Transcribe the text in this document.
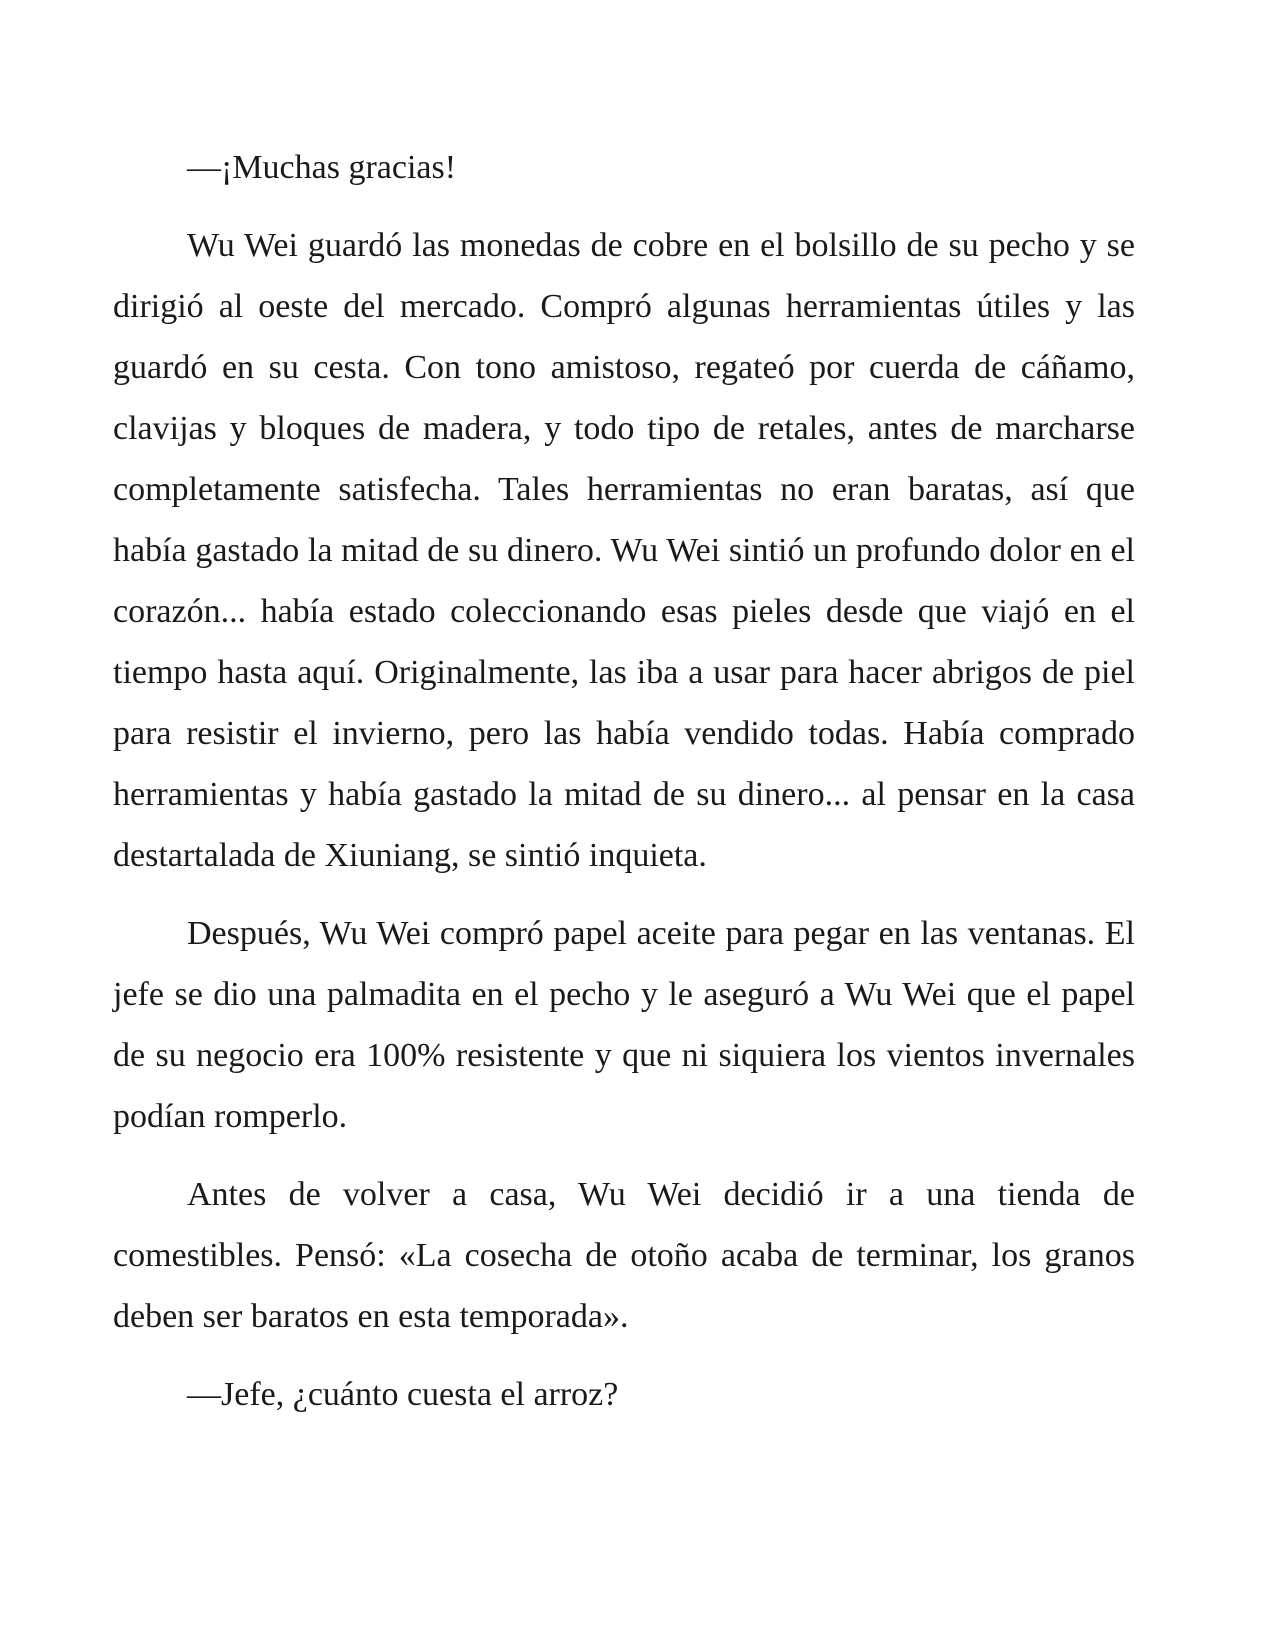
—¡Muchas gracias!

Wu Wei guardó las monedas de cobre en el bolsillo de su pecho y se dirigió al oeste del mercado. Compró algunas herramientas útiles y las guardó en su cesta. Con tono amistoso, regateó por cuerda de cáñamo, clavijas y bloques de madera, y todo tipo de retales, antes de marcharse completamente satisfecha. Tales herramientas no eran baratas, así que había gastado la mitad de su dinero. Wu Wei sintió un profundo dolor en el corazón... había estado coleccionando esas pieles desde que viajó en el tiempo hasta aquí. Originalmente, las iba a usar para hacer abrigos de piel para resistir el invierno, pero las había vendido todas. Había comprado herramientas y había gastado la mitad de su dinero... al pensar en la casa destartalada de Xiuniang, se sintió inquieta.

Después, Wu Wei compró papel aceite para pegar en las ventanas. El jefe se dio una palmadita en el pecho y le aseguró a Wu Wei que el papel de su negocio era 100% resistente y que ni siquiera los vientos invernales podían romperlo.

Antes de volver a casa, Wu Wei decidió ir a una tienda de comestibles. Pensó: «La cosecha de otoño acaba de terminar, los granos deben ser baratos en esta temporada».

—Jefe, ¿cuánto cuesta el arroz?
